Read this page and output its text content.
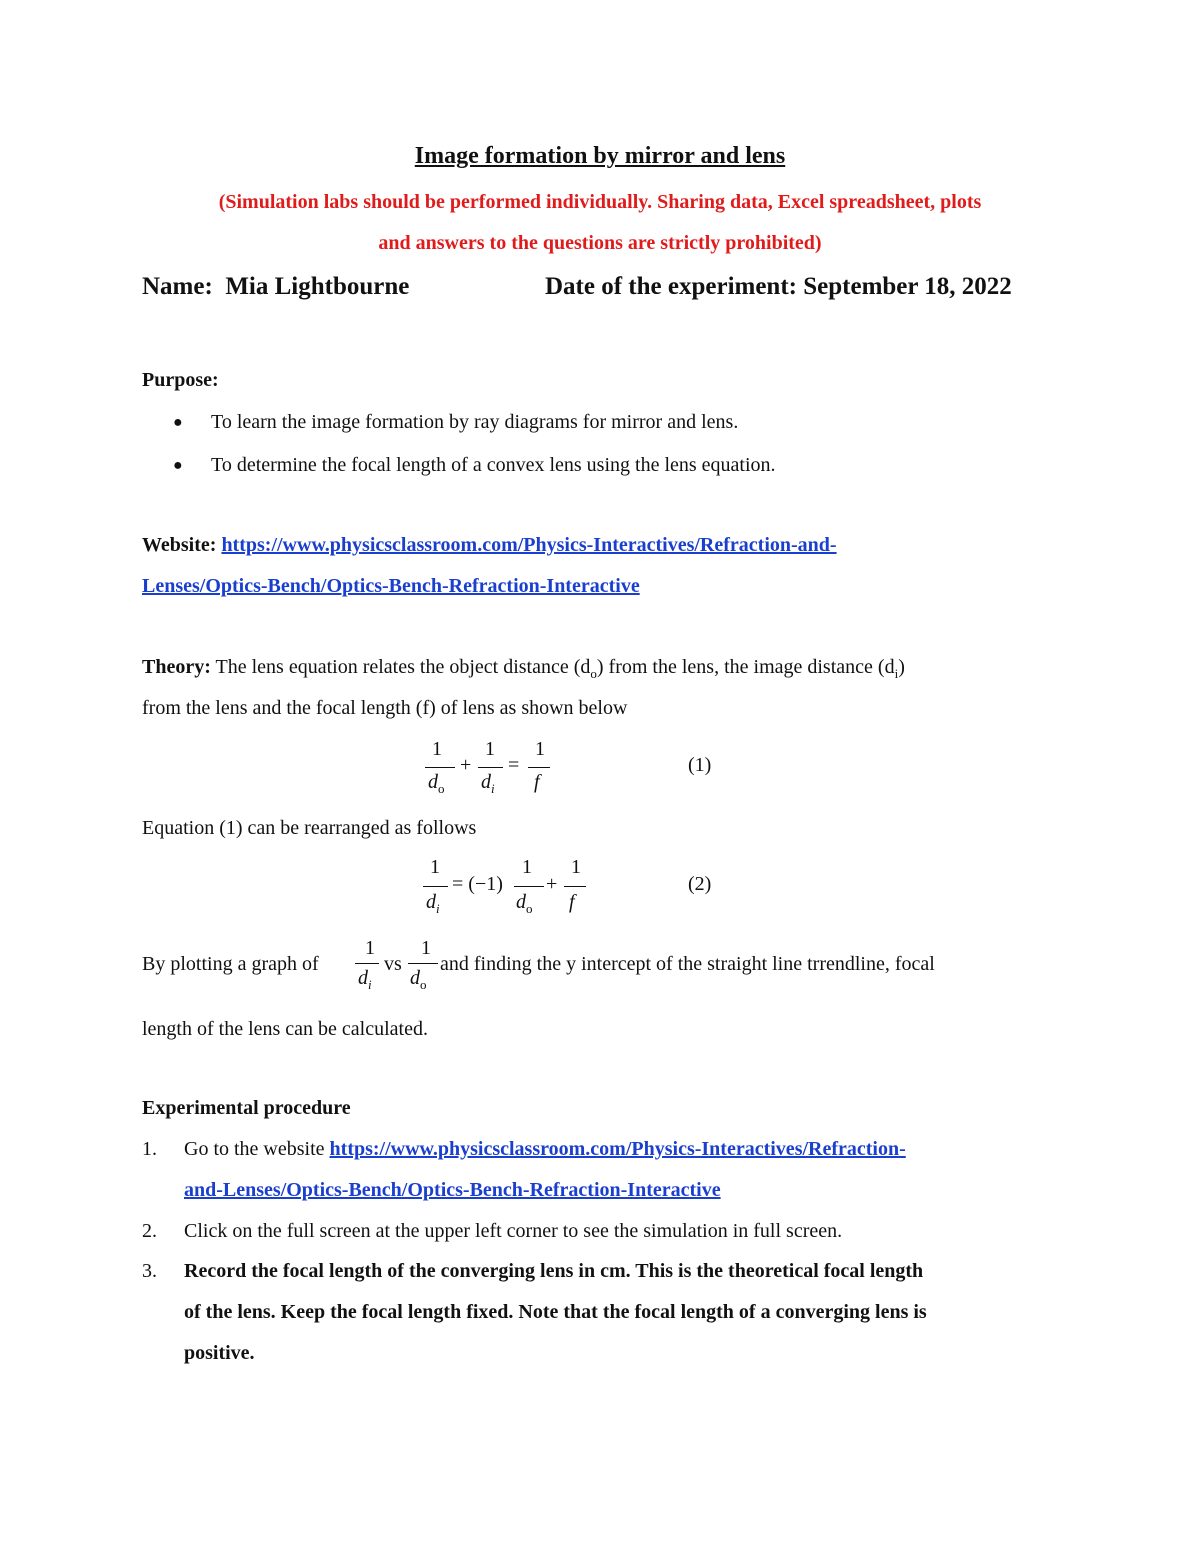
Image formation by mirror and lens
(Simulation labs should be performed individually. Sharing data, Excel spreadsheet, plots
and answers to the questions are strictly prohibited)
Name: Mia Lightbourne	Date of the experiment: September 18, 2022
Purpose:
● To learn the image formation by ray diagrams for mirror and lens.
● To determine the focal length of a convex lens using the lens equation.
Website: https://www.physicsclassroom.com/Physics-Interactives/Refraction-and-
Lenses/Optics-Bench/Optics-Bench-Refraction-Interactive
Theory: The lens equation relates the object distance $(d_o)$ from the lens, the image distance $(d_i)$
from the lens and the focal length (f) of lens as shown below
1
$d_o$
+
1
$d_i$
=
1
f
(1)
Equation (1) can be rearranged as follows
1
$d_i$
= (−1)
1
$d_o$
+
1
f
(2)
By plotting a graph of
1
$d_i$
vs
1
$d_o$
and finding the y intercept of the straight line trrendline, focal
length of the lens can be calculated.
Experimental procedure
1. Go to the website https://www.physicsclassroom.com/Physics-Interactives/Refraction-
and-Lenses/Optics-Bench/Optics-Bench-Refraction-Interactive
2. Click on the full screen at the upper left corner to see the simulation in full screen.
3. Record the focal length of the converging lens in cm. This is the theoretical focal length
of the lens. Keep the focal length fixed. Note that the focal length of a converging lens is
positive.
